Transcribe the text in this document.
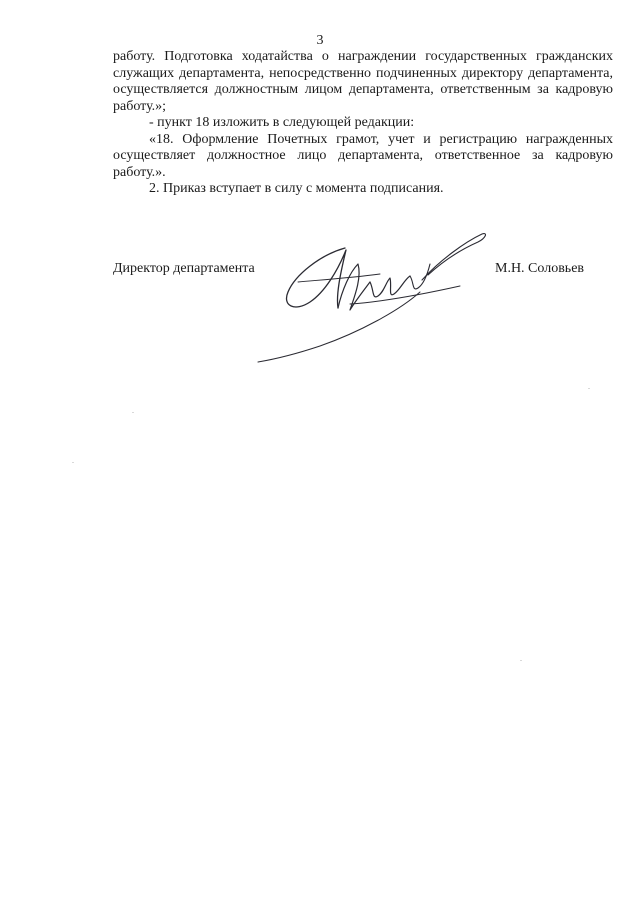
3

работу. Подготовка ходатайства о награждении государственных гражданских служащих департамента, непосредственно подчиненных директору департамента, осуществляется должностным лицом департамента, ответственным за кадровую работу.»;

- пункт 18 изложить в следующей редакции:

«18. Оформление Почетных грамот, учет и регистрацию награжденных осуществляет должностное лицо департамента, ответственное за кадровую работу.».

2. Приказ вступает в силу с момента подписания.

Директор департамента	М.Н. Соловьев
